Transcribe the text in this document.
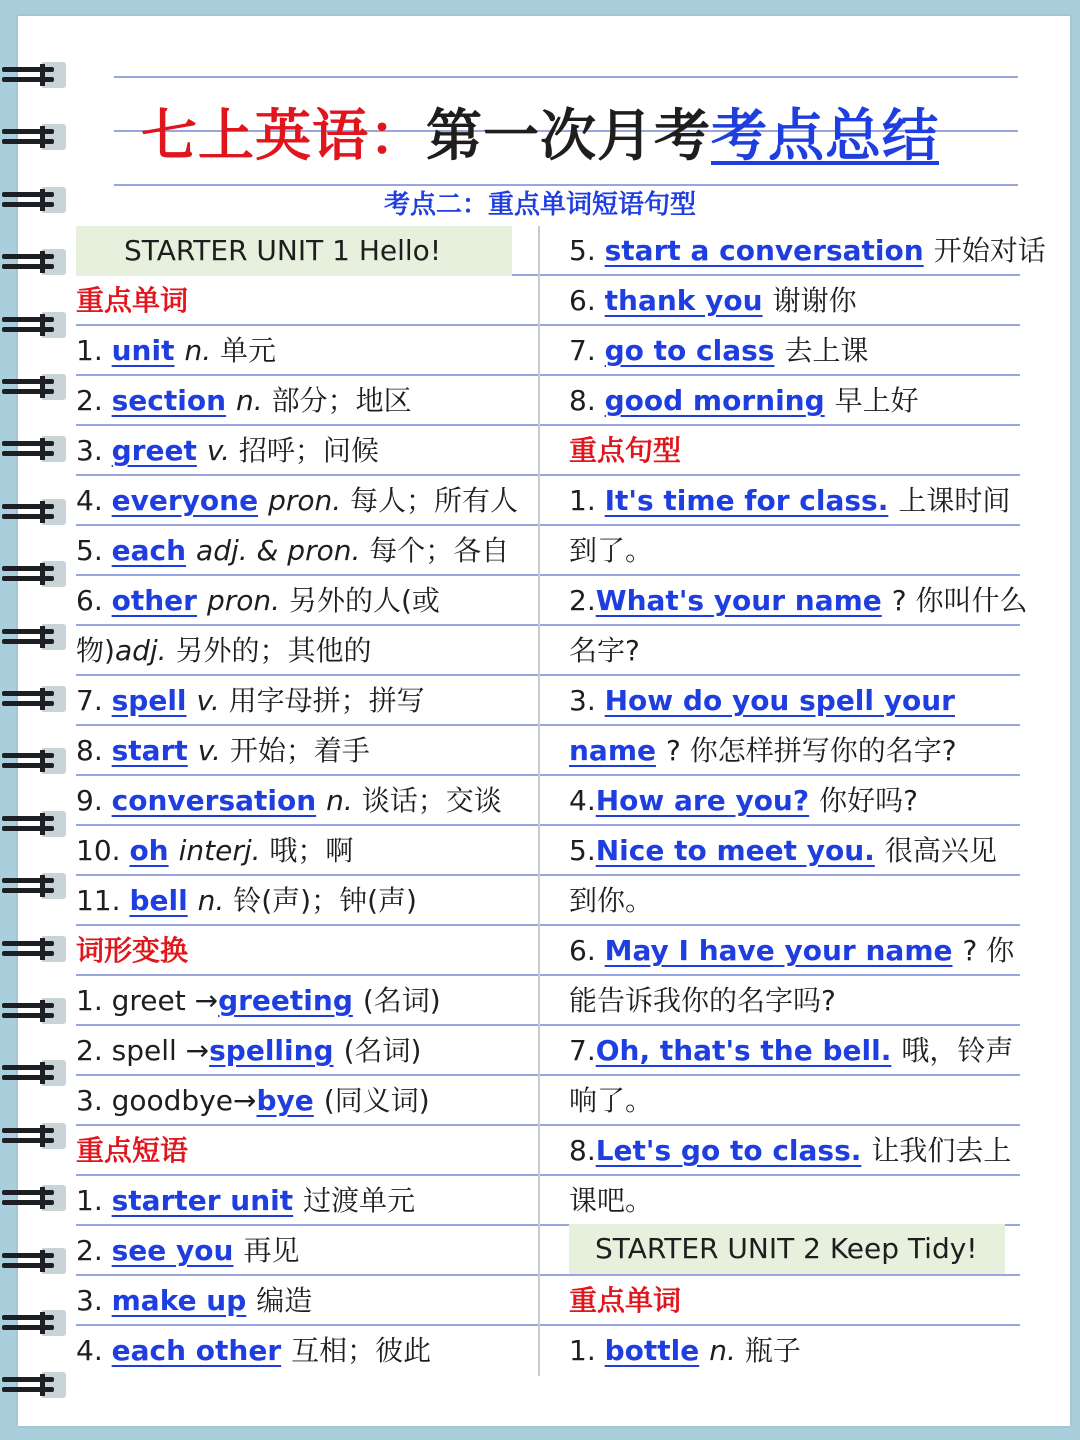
七上英语：第一次月考考点总结
考点二：重点单词短语句型
STARTER UNIT 1 Hello!
STARTER UNIT 2 Keep Tidy!
重点单词
1. unit n. 单元
2. section n. 部分；地区
3. greet v. 招呼；问候
4. everyone pron. 每人；所有人
5. each adj. & pron. 每个；各自
6. other pron. 另外的人(或
物)adj. 另外的；其他的
7. spell v. 用字母拼；拼写
8. start v. 开始；着手
9. conversation n. 谈话；交谈
10. oh interj. 哦；啊
11. bell n. 铃(声)；钟(声)
词形变换
1. greet →greeting (名词)
2. spell →spelling (名词)
3. goodbye→bye (同义词)
重点短语
1. starter unit 过渡单元
2. see you 再见
3. make up 编造
4. each other 互相；彼此
5. start a conversation 开始对话
6. thank you 谢谢你
7. go to class 去上课
8. good morning 早上好
重点句型
1. It's time for class. 上课时间
到了。
2.What's your name ? 你叫什么
名字?
3. How do you spell your
name ? 你怎样拼写你的名字?
4.How are you? 你好吗?
5.Nice to meet you. 很高兴见
到你。
6. May I have your name ? 你
能告诉我你的名字吗?
7.Oh, that's the bell. 哦，铃声
响了。
8.Let's go to class. 让我们去上
课吧。
重点单词
1. bottle n. 瓶子
